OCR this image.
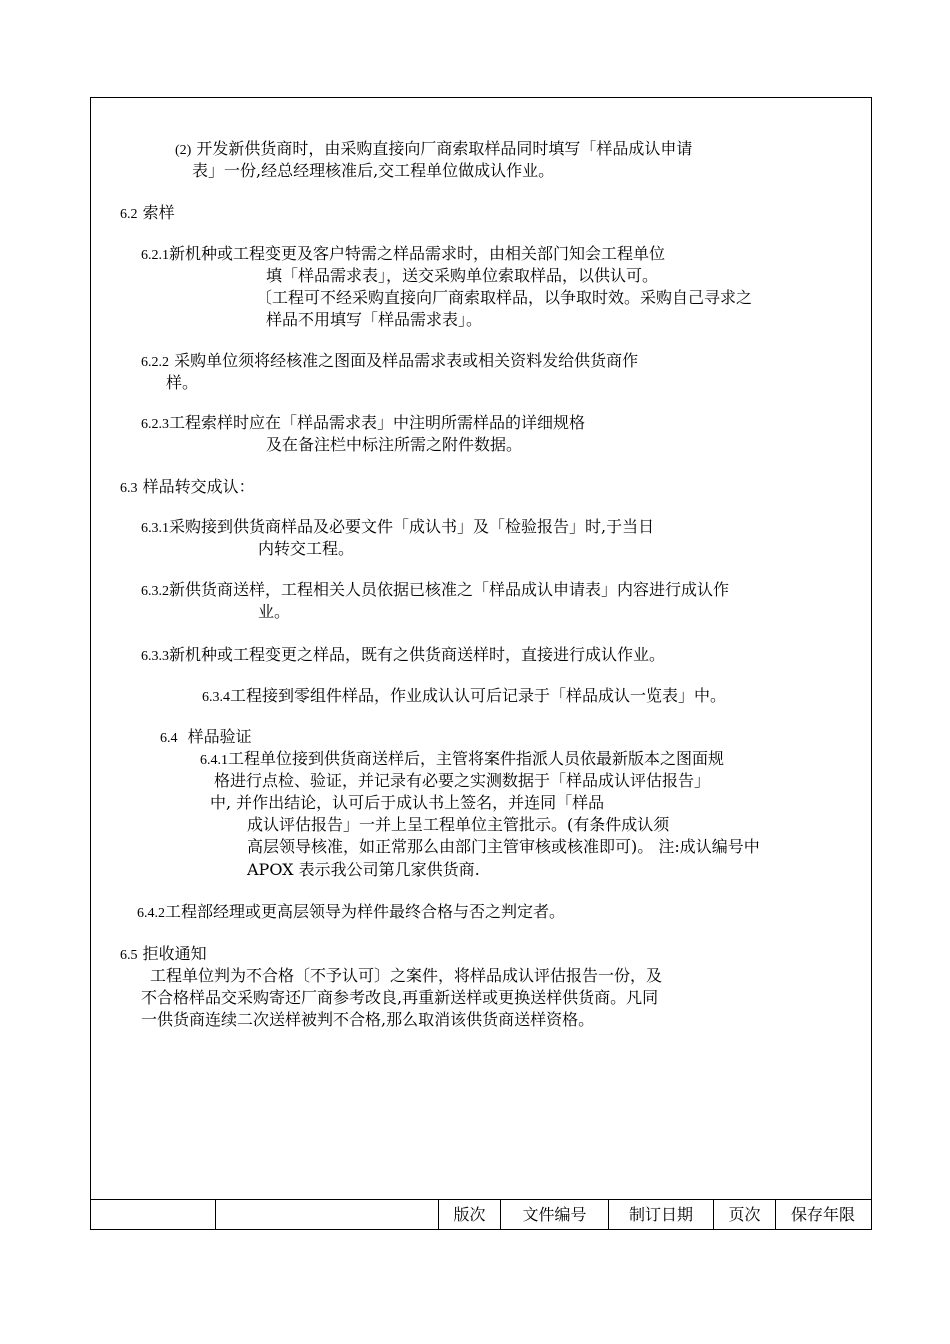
(2) 开发新供货商时，由采购直接向厂商索取样品同时填写「样品成认申请
表」一份,经总经理核准后,交工程单位做成认作业。
6.2 索样
6.2.1新机种或工程变更及客户特需之样品需求时，由相关部门知会工程单位
填「样品需求表」，送交采购单位索取样品，以供认可。
〔工程可不经采购直接向厂商索取样品，以争取时效。采购自己寻求之
样品不用填写「样品需求表」。
6.2.2 采购单位须将经核准之图面及样品需求表或相关资料发给供货商作
样。
6.2.3工程索样时应在「样品需求表」中注明所需样品的详细规格
及在备注栏中标注所需之附件数据。
6.3 样品转交成认：
6.3.1采购接到供货商样品及必要文件「成认书」及「检验报告」时,于当日
内转交工程。
6.3.2新供货商送样，工程相关人员依据已核准之「样品成认申请表」内容进行成认作
业。
6.3.3新机种或工程变更之样品，既有之供货商送样时，直接进行成认作业。
6.3.4工程接到零组件样品，作业成认认可后记录于「样品成认一览表」中。
6.4 样品验证
6.4.1工程单位接到供货商送样后，主管将案件指派人员依最新版本之图面规
格进行点检、验证，并记录有必要之实测数据于「样品成认评估报告」
中, 并作出结论，认可后于成认书上签名，并连同「样品
成认评估报告」一并上呈工程单位主管批示。(有条件成认须
高层领导核准，如正常那么由部门主管审核或核准即可)。 注:成认编号中
APOX 表示我公司第几家供货商.
6.4.2工程部经理或更高层领导为样件最终合格与否之判定者。
6.5 拒收通知
工程单位判为不合格〔不予认可〕之案件，将样品成认评估报告一份，及
不合格样品交采购寄还厂商参考改良,再重新送样或更换送样供货商。凡同
一供货商连续二次送样被判不合格,那么取消该供货商送样资格。
版次	文件编号	制订日期	页次	保存年限
